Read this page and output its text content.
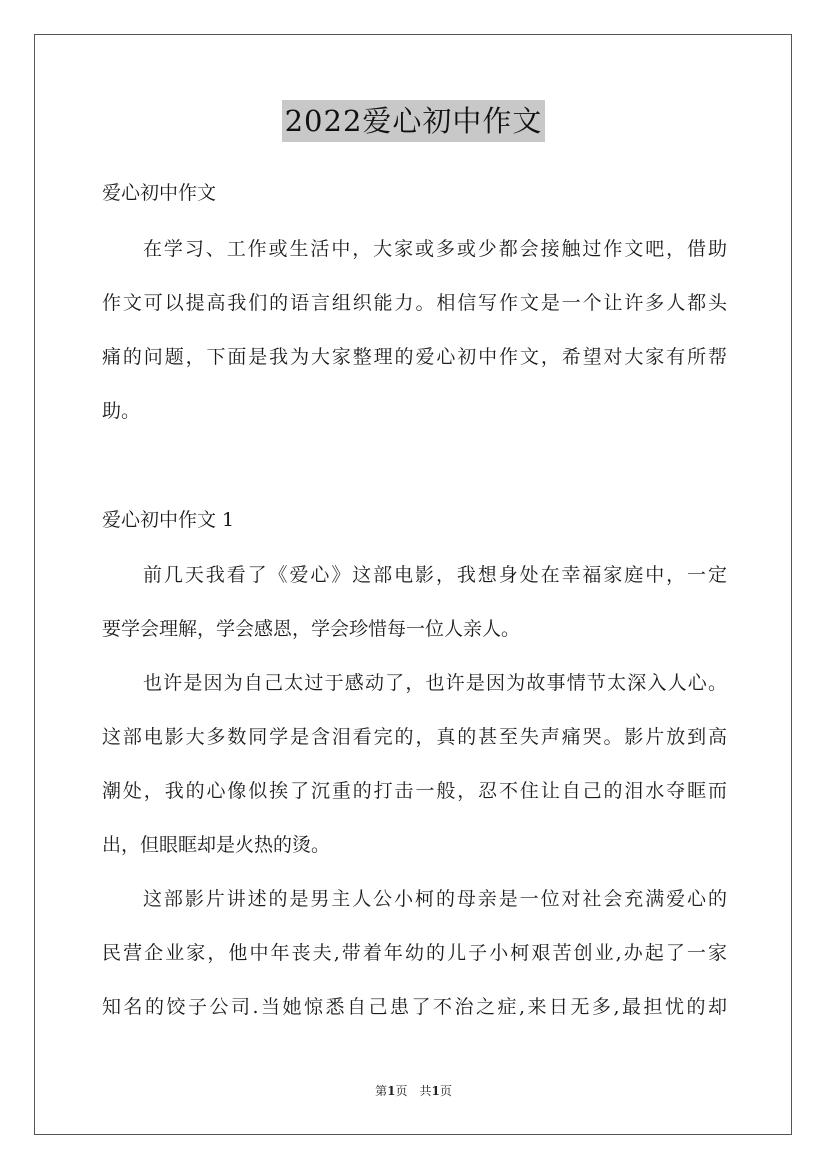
2022爱心初中作文
爱心初中作文
在学习、工作或生活中，大家或多或少都会接触过作文吧，借助
作文可以提高我们的语言组织能力。相信写作文是一个让许多人都头
痛的问题，下面是我为大家整理的爱心初中作文，希望对大家有所帮
助。
爱心初中作文 1
前几天我看了《爱心》这部电影，我想身处在幸福家庭中，一定
要学会理解，学会感恩，学会珍惜每一位人亲人。
也许是因为自己太过于感动了，也许是因为故事情节太深入人心。
这部电影大多数同学是含泪看完的，真的甚至失声痛哭。影片放到高
潮处，我的心像似挨了沉重的打击一般，忍不住让自己的泪水夺眶而
出，但眼眶却是火热的烫。
这部影片讲述的是男主人公小柯的母亲是一位对社会充满爱心的
民营企业家，他中年丧夫,带着年幼的儿子小柯艰苦创业,办起了一家
知名的饺子公司.当她惊悉自己患了不治之症,来日无多,最担忧的却
第1页　共1页
